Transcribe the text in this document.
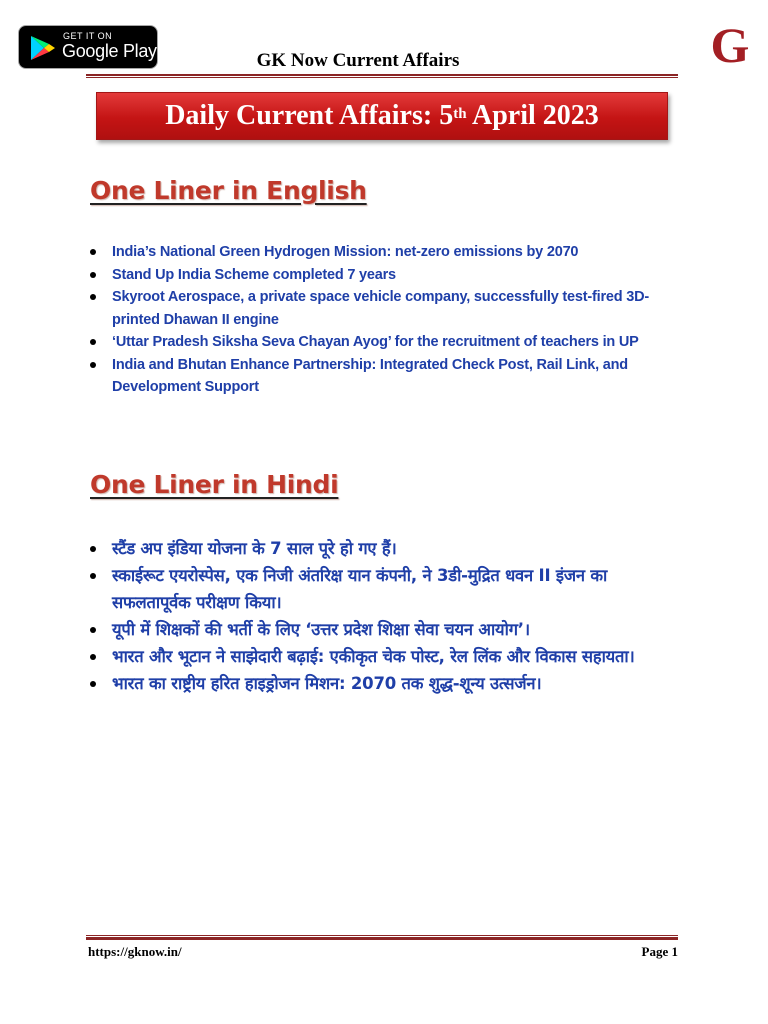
GET IT ON
Google Play	GK Now Current Affairs	G
Daily Current Affairs: 5th April 2023
One Liner in English
India’s National Green Hydrogen Mission: net-zero emissions by 2070
Stand Up India Scheme completed 7 years
Skyroot Aerospace, a private space vehicle company, successfully test-fired 3D-printed Dhawan II engine
‘Uttar Pradesh Siksha Seva Chayan Ayog’ for the recruitment of teachers in UP
India and Bhutan Enhance Partnership: Integrated Check Post, Rail Link, and Development Support
One Liner in Hindi
स्टैंड अप इंडिया योजना के 7 साल पूरे हो गए हैं।
स्काईरूट एयरोस्पेस, एक निजी अंतरिक्ष यान कंपनी, ने 3डी-मुद्रित धवन II इंजन का सफलतापूर्वक परीक्षण किया।
यूपी में शिक्षकों की भर्ती के लिए ‘उत्तर प्रदेश शिक्षा सेवा चयन आयोग’।
भारत और भूटान ने साझेदारी बढ़ाई: एकीकृत चेक पोस्ट, रेल लिंक और विकास सहायता।
भारत का राष्ट्रीय हरित हाइड्रोजन मिशन: 2070 तक शुद्ध-शून्य उत्सर्जन।
https://gknow.in/	Page 1
